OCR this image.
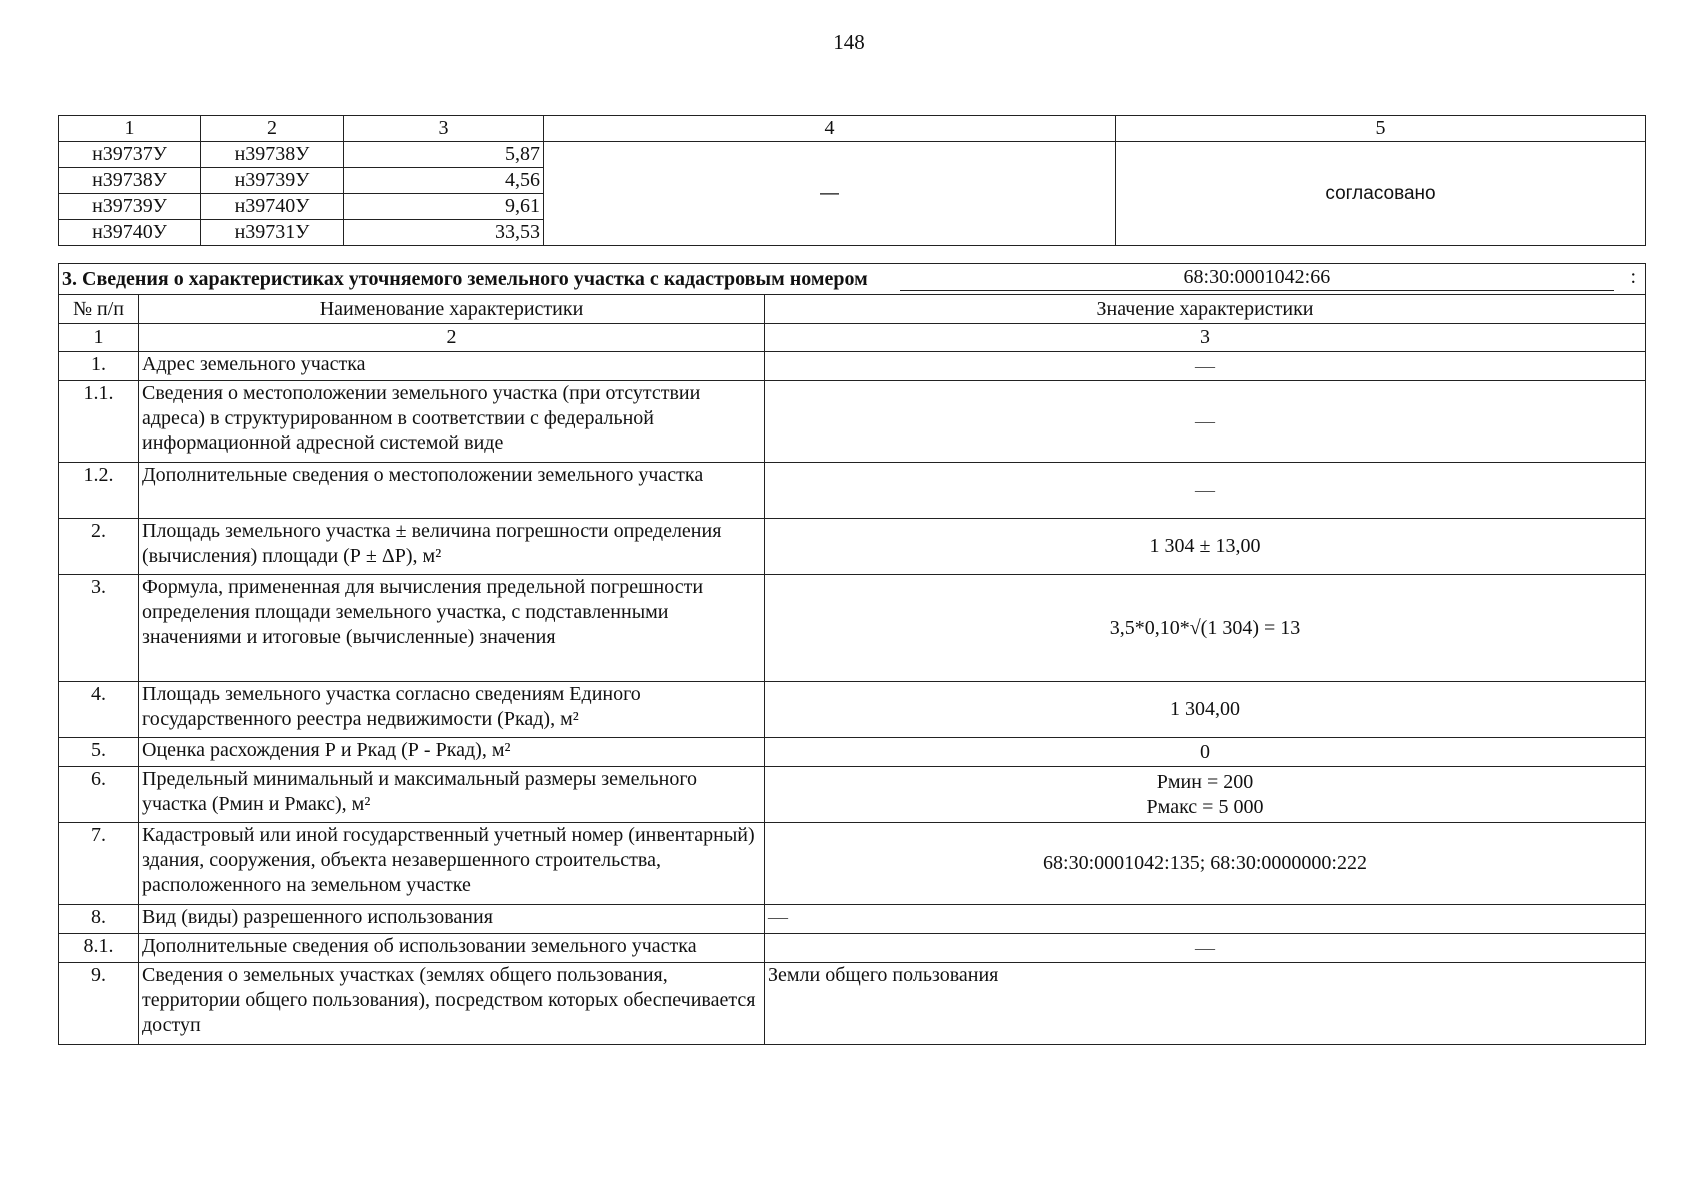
148
1	2	3	4	5
н39737У	н39738У	5,87	—	согласовано
н39738У	н39739У	4,56		
н39739У	н39740У	9,61		
н39740У	н39731У	33,53		
3. Сведения о характеристиках уточняемого земельного участка с кадастровым номером 68:30:0001042:66 :		

№ п/п	Наименование характеристики	Значение характеристики
1	2	3
1.	Адрес земельного участка	—
1.1.	Сведения о местоположении земельного участка (при отсутствии адреса) в структурированном в соответствии с федеральной информационной адресной системой виде	—
1.2.	Дополнительные сведения о местоположении земельного участка	—
2.	Площадь земельного участка ± величина погрешности определения (вычисления) площади (Р ± ΔР), м²	1 304 ± 13,00
3.	Формула, примененная для вычисления предельной погрешности определения площади земельного участка, с подставленными значениями и итоговые (вычисленные) значения	3,5*0,10*√(1 304) = 13
4.	Площадь земельного участка согласно сведениям Единого государственного реестра недвижимости (Ркад), м²	1 304,00
5.	Оценка расхождения Р и Ркад (Р - Ркад), м²	0
6.	Предельный минимальный и максимальный размеры земельного участка (Рмин и Рмакс), м²	Рмин = 200
Рмакс = 5 000

7.	Кадастровый или иной государственный учетный номер (инвентарный) здания, сооружения, объекта незавершенного строительства, расположенного на земельном участке	68:30:0001042:135; 68:30:0000000:222
8.	Вид (виды) разрешенного использования	—
8.1.	Дополнительные сведения об использовании земельного участка	—
9.	Сведения о земельных участках (землях общего пользования, территории общего пользования), посредством которых обеспечивается доступ	Земли общего пользования
